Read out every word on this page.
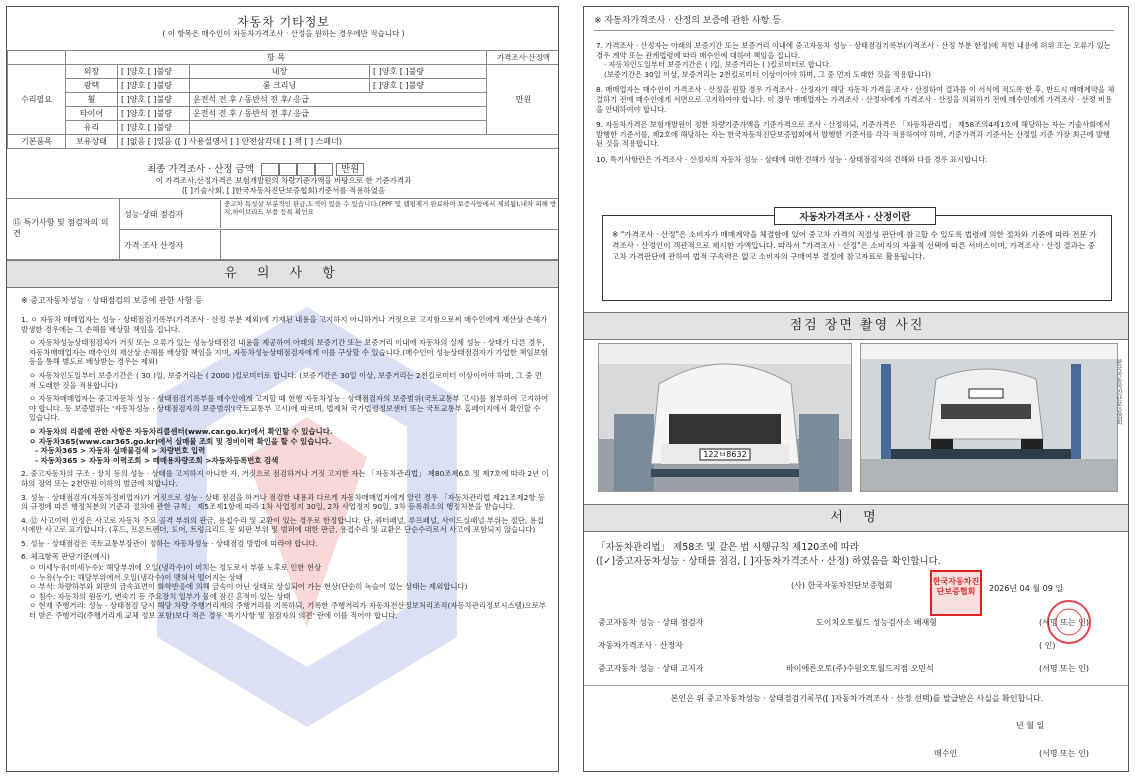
자동차 기타정보
( 이 항목은 매수인이 자동차가격조사 · 산정을 원하는 경우에만 적습니다 )
	항 목				가격조사·산정액
수리필요	외장	[ ]양호 [ ]불량	내장	[ ]양호 [ ]불량	만원
	광택	[ ]양호 [ ]불량	룸 크리닝	[ ]양호 [ ]불량	
	휠	[ ]양호 [ ]불량	운전석 전 후 / 동반석 전 후/ 응급		
	타이어	[ ]양호 [ ]불량	운전석 전 후 / 동반석 전 후/ 응급		
	유리	[ ]양호 [ ]불량			
기본품목	보유상태	[ ]없음 [ ]있음 ([ ] 사용설명서 [ ] 안전삼각대 [ ] 잭 [ ] 스패너)			
최종 가격조사 · 산정 금액	만원
이 가격조사.산정가격은 보험개발원의 차량기준가액을 바탕으로 한 기준가격과
([ ]기술사회, [ ]한국자동차진단보증협회)기준서를 적용하였음
⑮ 특기사항 및 점검자의 의견
성능·상태 점검자
중고차 특성상 부분적인 판금,도색이 있을 수 있습니다.(PPF 및 랩핑제거 완료하여 보증사항에서 제외됨),내차 피해 방지,하이브리드 부품 등록 확인요
가격·조사 산정자
유 의 사 항
※ 중고자동차성능 · 상태점검의 보증에 관한 사항 등

1. ㅇ 자동차 매매업자는 성능 · 상태점검기록부(가격조사 · 산정 부분 제외)에 기재된 내용을 고지하지 아니하거나 거짓으로 고지함으로써 매수인에게 재산상 손해가 발생한 경우에는 그 손해를 배상할 책임을 집니다.

ㅇ 자동차성능상태점검자가 거짓 또는 오류가 있는 성능상태점검 내용을 제공하여 아래의 보증기간 또는 보증거리 이내에 자동차의 실제 성능 · 상태가 다른 경우, 자동차매매업자는 매수인의 재산상 손해를 배상할 책임을 지며, 자동차성능상태점검자에게 이를 구상할 수 있습니다.(매수인이 성능상태점검자가 가입한 책임보험 등을 통해 별도로 배상받는 경우는 제외)

ㅇ 자동차인도일부터 보증기간은 ( 30 )일, 보증거리는 ( 2000 )킬로미터로 합니다. (보증기간은 30일 이상, 보증거리는 2천킬로미터 이상이어야 하며, 그 중 먼저 도래한 것을 적용합니다)

ㅇ 자동차매매업자는 중고자동차 성능 · 상태점검기록부를 매수인에게 고지할 때 현행 자동차성능 · 상태점검자의 보증범위(국토교통부 고시)를 첨부하여 고지하여야 합니다. 동 보증범위는 '자동차성능 · 상태점검자의 보증범위'(국토교통부 고시)에 따르며, 법제처 국가법령정보센터 또는 국토교통부 홈페이지에서 확인할 수 있습니다.

ㅇ 자동차의 리콜에 관한 사항은 자동차리콜센터(www.car.go.kr)에서 확인할 수 있습니다.

ㅇ 자동차365(www.car365.go.kr)에서 실매물 조회 및 정비이력 확인을 할 수 있습니다.

- 자동차365 > 자동차 실매물검색 > 차량번호 입력

- 자동차365 > 자동차 이력조회 > 매매용차량조회 >자동차등록번호 검색

2. 중고자동차의 구조 · 장치 등의 성능 · 상태를 고지하지 아니한 자, 거짓으로 점검하거나 거짓 고지한 자는 「자동차관리법」 제80조제6호 및 제7호에 따라 2년 이하의 징역 또는 2천만원 이하의 벌금에 처합니다.

3. 성능 · 상태점검자(자동차정비업자)가 거짓으로 성능 · 상태 점검을 하거나 점검한 내용과 다르게 자동차매매업자에게 알린 경우 「자동차관리법 제21조제2항 등의 규정에 따른 행정처분의 기준과 절차에 관한 규칙」 제5조제1항에 따라 1차 사업정지 30일, 2차 사업정지 90일, 3차 등록취소의 행정처분을 받습니다.

4. ⑫ 사고이력 인정은 사고로 자동차 주요 골격 부위의 판금, 용접수리 및 교환이 있는 경우로 한정합니다. 단, 쿼터패널, 루프패널, 사이드실패널 부위는 절단, 용접 시에만 사고로 표기합니다. (후드, 프론트펜더, 도어, 트렁크리드 등 외판 부위 및 범퍼에 대한 판금, 용접수리 및 교환은 단순수리로서 사고에 포함되지 않습니다)

5. 성능 · 상태점검은 국토교통부장관이 정하는 자동차성능 · 상태점검 방법에 따라야 합니다.

6. 체크항목 판단기준(예시)

ㅇ 미세누유(미세누수): 해당부위에 오일(냉각수)이 비치는 정도로서 부품 노후로 인한 현상

ㅇ 누유(누수): 해당부위에서 오일(냉각수)이 맺혀서 떨어지는 상태

ㅇ 부식: 차량하부와 외판의 금속표면이 화학반응에 의해 금속이 아닌 상태로 상실되어 가는 현상(단순히 녹슬어 있는 상태는 제외합니다)

ㅇ 침수: 자동차의 원동기, 변속기 등 주요장치 일부가 물에 잠긴 흔적이 있는 상태

ㅇ 현재 주행거리: 성능 · 상태점검 당시 해당 차량 주행거리계의 주행거리를 기록하되, 기록한 주행거리가 자동차전산정보처리조직(자동차관리정보시스템)으로부터 받은 주행거리(주행거리계 교체 정보 포함)보다 적은 경우 '특기사항 및 점검자의 의견' 란에 이를 적어야 합니다.

※ 자동차가격조사 · 산정의 보증에 관한 사항 등

7. 가격조사 · 산정자는 아래의 보증기간 또는 보증거리 이내에 중고자동차 성능 · 상태점검기록부(가격조사 · 산정 부분 한정)에 적힌 내용에 허위 또는 오류가 있는 경우 계약 또는 관계법령에 따라 매수인에 대하여 책임을 집니다.

· 자동차인도일부터 보증기간은 ( )일, 보증거리는 ( )킬로미터로 합니다.

(보증기간은 30일 이상, 보증거리는 2천킬로미터 이상이어야 하며, 그 중 먼저 도래한 것을 적용합니다)

8. 매매업자는 매수인이 가격조사 · 산정을 원할 경우 가격조사 · 산정자가 해당 자동차 가격을 조사 · 산정하여 결과를 이 서식에 적도록 한 후, 반드시 매매계약을 체결하기 전에 매수인에게 서면으로 고지하여야 합니다. 이 경우 매매업자는 가격조사 · 산정자에게 가격조사 · 산정을 의뢰하기 전에 매수인에게 가격조사 · 산정 비용을 안내하여야 합니다.

9. 자동차가격은 보험개발원이 정한 차량기준가액을 기준가격으로 조사 · 산정하되, 기준가격은 「자동차관리법」 제58조의4제1호에 해당하는 자는 기술사회에서 발행한 기준서를, 제2호에 해당하는 자는 한국자동차진단보증협회에서 발행한 기준서를 각각 적용하여야 하며, 기준가격과 기준서는 산정일 기준 가장 최근에 발행된 것을 적용합니다.

10. 특기사항란은 가격조사 · 산정자의 자동차 성능 · 상태에 대한 견해가 성능 · 상태점검자의 견해와 다를 경우 표시합니다.

자동차가격조사 · 산정이란
※ "가격조사 · 산정"은 소비자가 매매계약을 체결함에 있어 중고차 가격의 적절성 판단에 참고할 수 있도록 법령에 의한 절차와 기준에 따라 전문 가격조사 · 산정인이 객관적으로 제시한 가액입니다. 따라서 "가격조사 · 산정"은 소비자의 자율적 선택에 따른 서비스이며, 가격조사 · 산정 결과는 중고차 가격판단에 관하여 법적 구속력은 없고 소비자의 구매여부 결정에 참고자료로 활용됩니다.
점검 장면 촬영 사진
122ㅂ8632
한국자동차진단보증협회
서 명
「자동차관리법」 제58조 및 같은 법 시행규칙 제120조에 따라
([✓]중고자동차성능 · 상태를 점검, [ ]자동차가격조사 · 산정) 하였음을 확인합니다.
(사) 한국자동차진단보증협회	2026년 04 월 09 일
한국자동차진단보증협회
중고자동차 성능 · 상태 점검자	도이치오토월드 성능검사소 배재형	(서명 또는 인)
자동차가격조사 · 산정자	( 인)
중고자동차 성능 · 상태 고지자	바이에른오토(주)수원오토월드지점 오민석	(서명 또는 인)
본인은 위 중고자동차성능 · 상태점검기록부([ ]자동차가격조사 · 산정 선택)를 발급받은 사실을 확인합니다.
년 월 일
매수인	(서명 또는 인)
